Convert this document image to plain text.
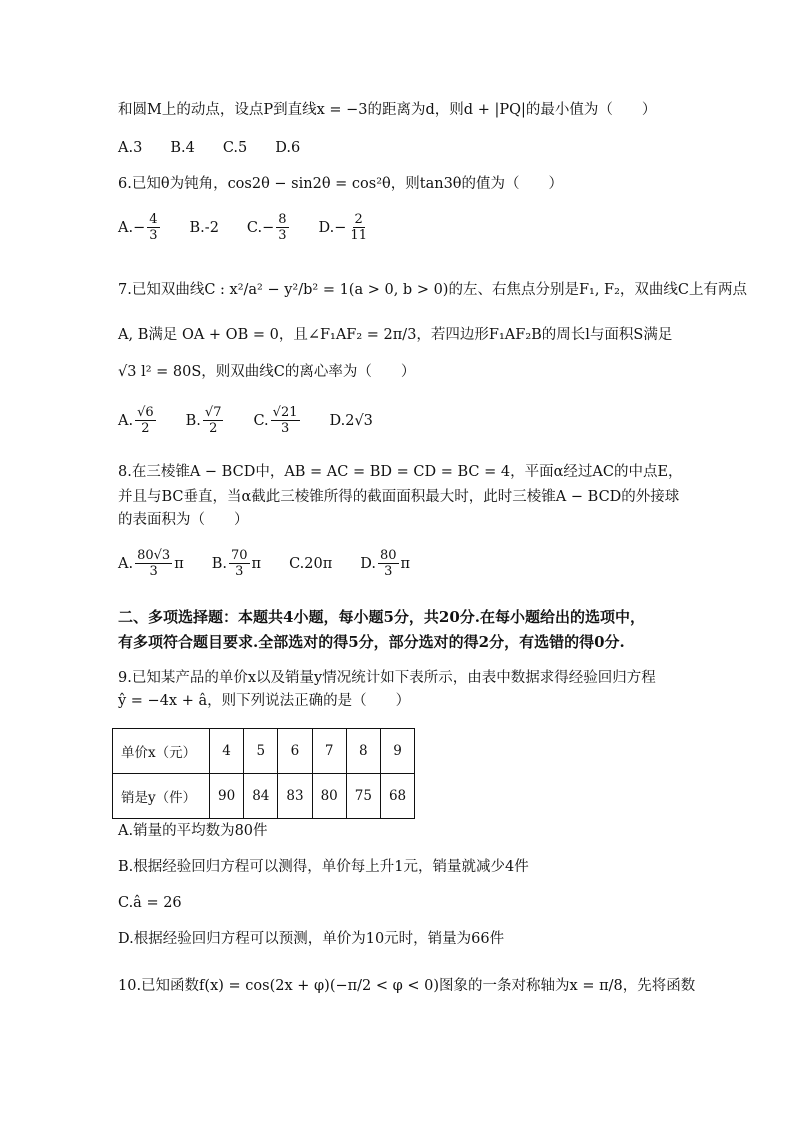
和圆M上的动点，设点P到直线x = −3的距离为d，则d + |PQ|的最小值为（　　）
A.3 B.4 C.5 D.6
6.已知θ为钝角，cos2θ − sin2θ = cos²θ，则tan3θ的值为（　　）
A. − $\frac{4}{3} B$. -2 C. − $\frac{8}{3} D$. − $\frac{2}{11}$
7.已知双曲线C : x²/a² − y²/b² = 1(a > 0, b > 0)的左、右焦点分别是F₁, F₂，双曲线C上有两点
A, B满足 OA + OB = 0，且∠F₁AF₂ = 2π/3，若四边形F₁AF₂B的周长l与面积S满足
√3 l² = 80S，则双曲线C的离心率为（　　）
A. $\frac{√6}{2} B$. $\frac{√7}{2} C$. $\frac{√21}{3} D$. 2√3
8.在三棱锥A − BCD中，AB = AC = BD = CD = BC = 4，平面α经过AC的中点E，
并且与BC垂直，当α截此三棱锥所得的截面面积最大时，此时三棱锥A − BCD的外接球
的表面积为（　　）
A. $\frac{80√3}{3}$ π B. $\frac{70}{3}$ π C. 20π D. $\frac{80}{3}$ π
二、多项选择题：本题共4小题，每小题5分，共20分.在每小题给出的选项中，
有多项符合题目要求.全部选对的得5分，部分选对的得2分，有选错的得0分.
9.已知某产品的单价x以及销量y情况统计如下表所示，由表中数据求得经验回归方程
ŷ = −4x + â，则下列说法正确的是（　　）
单价x（元）	4	5	6	7	8	9
销是y（件）	90	84	83	80	75	68
A.销量的平均数为80件
B.根据经验回归方程可以测得，单价每上升1元，销量就减少4件
C.â = 26
D.根据经验回归方程可以预测，单价为10元时，销量为66件
10.已知函数f(x) = cos(2x + φ)(−π/2 < φ < 0)图象的一条对称轴为x = π/8，先将函数
